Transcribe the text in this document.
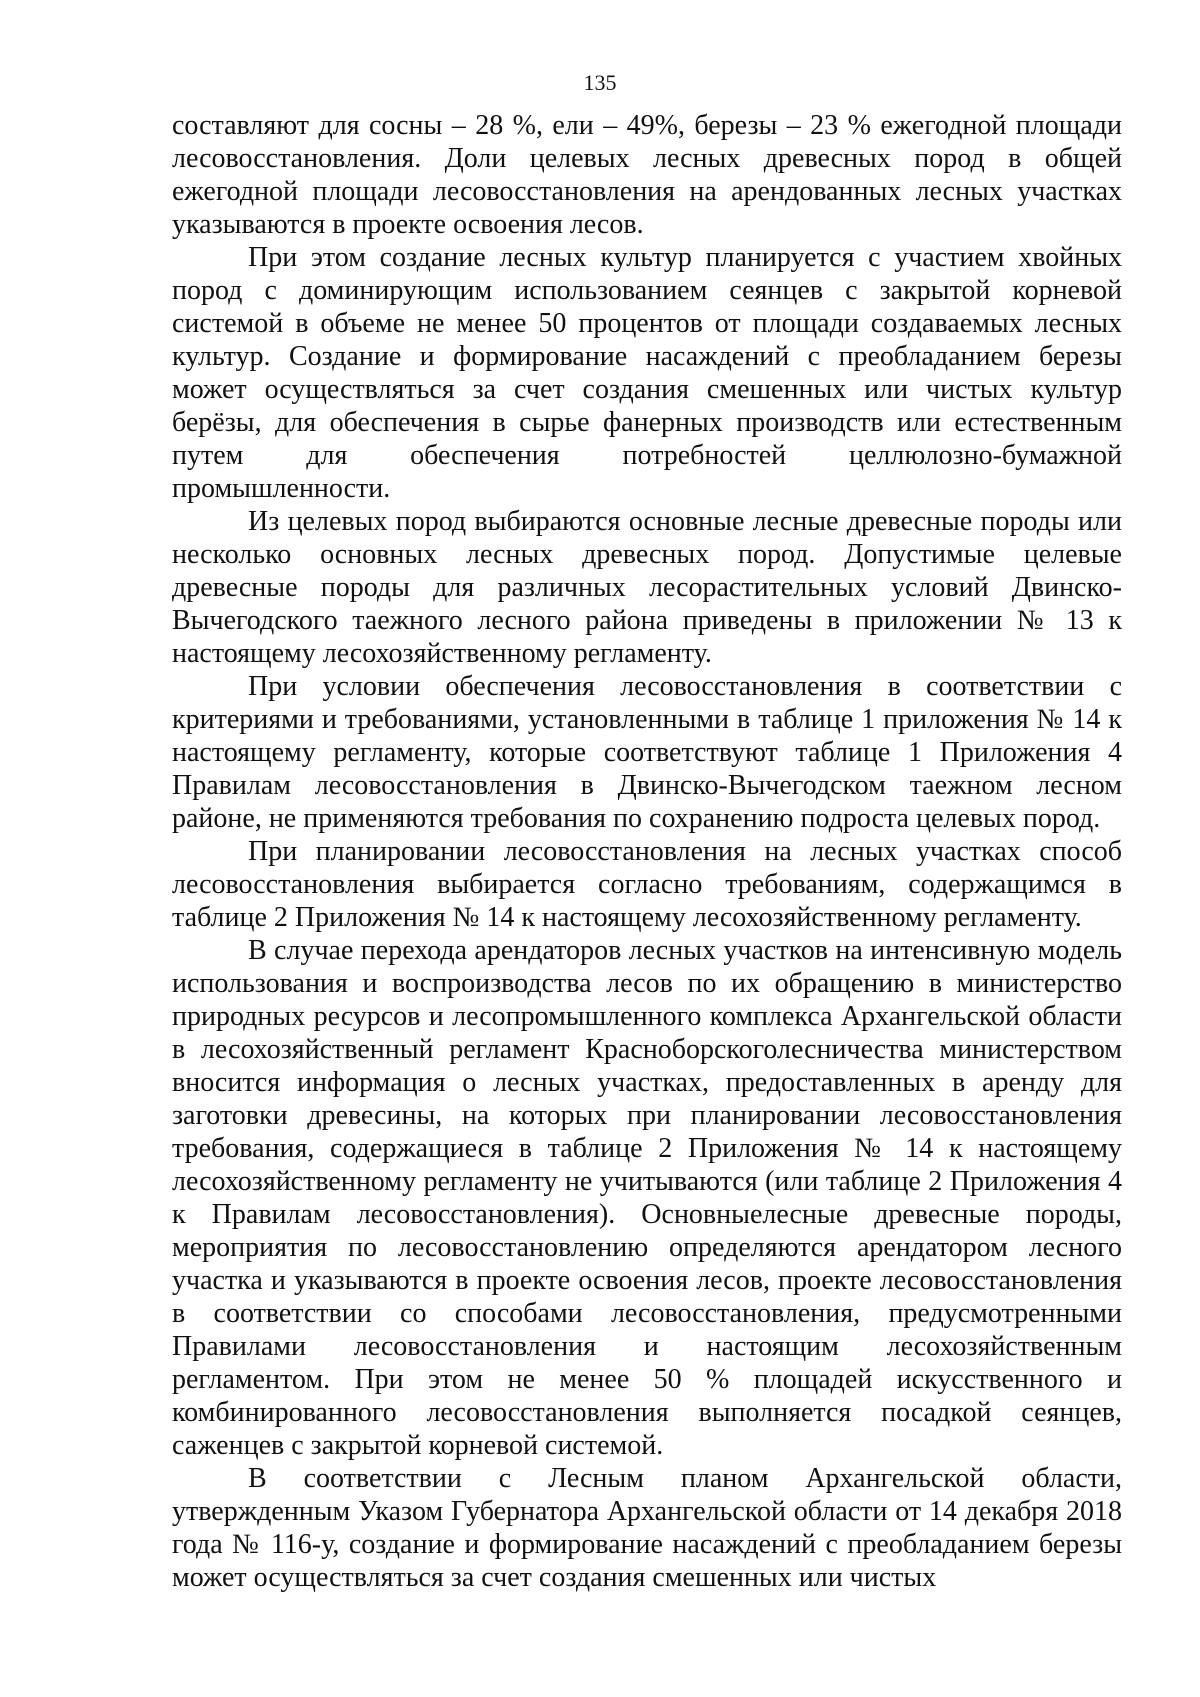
135

составляют для сосны – 28 %, ели – 49%, березы – 23 % ежегодной площади лесовосстановления. Доли целевых лесных древесных пород в общей ежегодной площади лесовосстановления на арендованных лесных участках указываются в проекте освоения лесов.

При этом создание лесных культур планируется с участием хвойных пород с доминирующим использованием сеянцев с закрытой корневой системой в объеме не менее 50 процентов от площади создаваемых лесных культур. Создание и формирование насаждений с преобладанием березы может осуществляться за счет создания смешенных или чистых культур берёзы, для обеспечения в сырье фанерных производств или естественным путем для обеспечения потребностей целлюлозно-бумажной промышленности.

Из целевых пород выбираются основные лесные древесные породы или несколько основных лесных древесных пород. Допустимые целевые древесные породы для различных лесорастительных условий Двинско-Вычегодского таежного лесного района приведены в приложении № 13 к настоящему лесохозяйственному регламенту.

При условии обеспечения лесовосстановления в соответствии с критериями и требованиями, установленными в таблице 1 приложения № 14 к настоящему регламенту, которые соответствуют таблице 1 Приложения 4 Правилам лесовосстановления в Двинско-Вычегодском таежном лесном районе, не применяются требования по сохранению подроста целевых пород.

При планировании лесовосстановления на лесных участках способ лесовосстановления выбирается согласно требованиям, содержащимся в таблице 2 Приложения № 14 к настоящему лесохозяйственному регламенту.

В случае перехода арендаторов лесных участков на интенсивную модель использования и воспроизводства лесов по их обращению в министерство природных ресурсов и лесопромышленного комплекса Архангельской области в лесохозяйственный регламент Красноборскоголесничества министерством вносится информация о лесных участках, предоставленных в аренду для заготовки древесины, на которых при планировании лесовосстановления требования, содержащиеся в таблице 2 Приложения № 14 к настоящему лесохозяйственному регламенту не учитываются (или таблице 2 Приложения 4 к Правилам лесовосстановления). Основныелесные древесные породы, мероприятия по лесовосстановлению определяются арендатором лесного участка и указываются в проекте освоения лесов, проекте лесовосстановления в соответствии со способами лесовосстановления, предусмотренными Правилами лесовосстановления и настоящим лесохозяйственным регламентом. При этом не менее 50 % площадей искусственного и комбинированного лесовосстановления выполняется посадкой сеянцев, саженцев с закрытой корневой системой.

В соответствии с Лесным планом Архангельской области, утвержденным Указом Губернатора Архангельской области от 14 декабря 2018 года № 116-у, создание и формирование насаждений с преобладанием березы может осуществляться за счет создания смешенных или чистых
